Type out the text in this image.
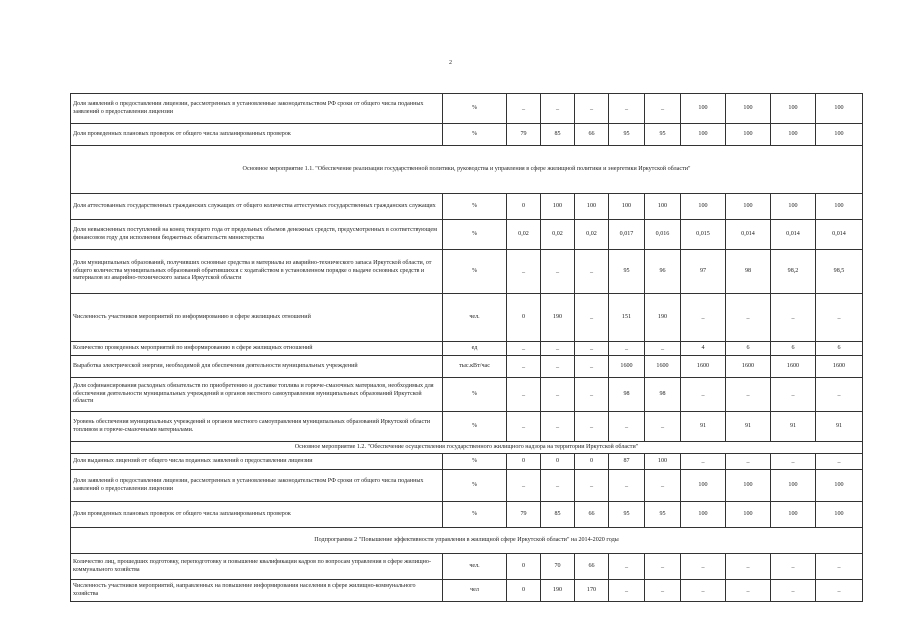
2
Доля заявлений о предоставлении лицензии, рассмотренных в установленные законодательством РФ сроки от общего числа поданных заявлений о предоставлении лицензии	%	_	_	_	_	_	100	100	100	100
Доля проведенных плановых проверок от общего числа запланированных проверок	%	79	85	66	95	95	100	100	100	100
Основное мероприятие 1.1. "Обеспечение реализации государственной политики, руководства и управления в сфере жилищной политики и энергетики Иркутской области"										
Доля аттестованных государственных гражданских служащих от общего количества аттестуемых государственных гражданских служащих	%	0	100	100	100	100	100	100	100	100
Доля невыясненных поступлений на конец текущего года от предельных объемов денежных средств, предусмотренных в соответствующем финансовом году для исполнения бюджетных обязательств министерства	%	0,02	0,02	0,02	0,017	0,016	0,015	0,014	0,014	0,014
Доля муниципальных образований, получивших основные средства и материалы из аварийно-технического запаса Иркутской области, от общего количества муниципальных образований обратившихся с ходатайством в установленном порядке о выдаче основных средств и материалов из аварийно-технического запаса Иркутской области	%	_	_	_	95	96	97	98	98,2	98,5
Численность участников мероприятий по информированию в сфере жилищных отношений	чел.	0	190	_	151	190	_	_	_	_
Количество проведенных мероприятий по информированию в сфере жилищных отношений	ед	_	_	_	_	_	4	6	6	6
Выработка электрической энергии, необходимой для обеспечения деятельности муниципальных учреждений	тыс.кВт/час	_	_	_	1600	1600	1600	1600	1600	1600
Доля софинансирования расходных обязательств по приобретению и доставке топлива и горюче-смазочных материалов, необходимых для обеспечения деятельности муниципальных учреждений и органов местного самоуправления муниципальных образований Иркутской области	%	_	_	_	98	98	_	_	_	_
Уровень обеспечения муниципальных учреждений и органов местного самоуправления муниципальных образований Иркутской области топливом и горюче-смазочными материалами.	%	_	_	_	_	_	91	91	91	91
Основное мероприятие 1.2. "Обеспечение осуществления государственного жилищного надзора на территории Иркутской области"										
Доля выданных лицензий от общего числа поданных заявлений о предоставлении лицензии	%	0	0	0	87	100	_	_	_	_
Доля заявлений о предоставлении лицензии, рассмотренных в установленные законодательством РФ сроки от общего числа поданных заявлений о предоставлении лицензии	%	_	_	_	_	_	100	100	100	100
Доля проведенных плановых проверок от общего числа запланированных проверок	%	79	85	66	95	95	100	100	100	100
Подпрограмма 2 "Повышение эффективности управления в жилищной сфере Иркутской области" на 2014-2020 годы										
Количество лиц, прошедших подготовку, переподготовку и повышение квалификации кадров по вопросам управления в сфере жилищно-коммунального хозяйства	чел.	0	70	66	_	_	_	_	_	_
Численность участников мероприятий, направленных на повышение информирования населения в сфере жилищно-коммунального хозяйства	чел	0	190	170	_	_	_	_	_	_
